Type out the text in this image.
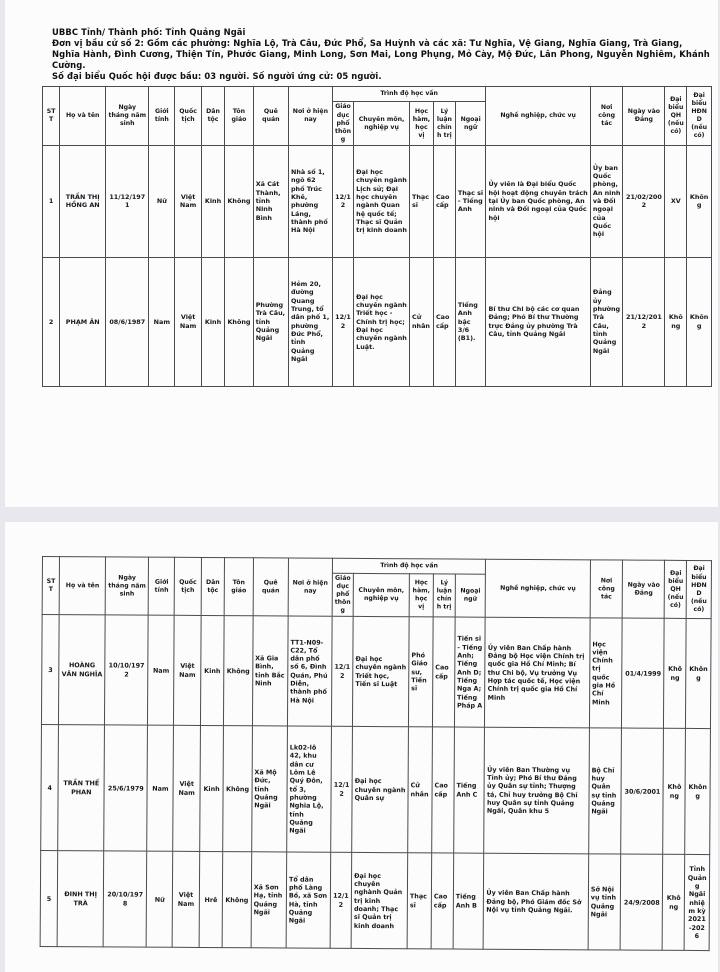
UBBC Tỉnh/ Thành phố: Tỉnh Quảng Ngãi
Đơn vị bầu cử số 2: Gồm các phường: Nghĩa Lộ, Trà Câu, Đức Phổ, Sa Huỳnh và các xã: Tư Nghĩa, Vệ Giang, Nghĩa Giang, Trà Giang, Nghĩa Hành, Đình Cương, Thiện Tín, Phước Giang, Minh Long, Sơn Mai, Long Phụng, Mỏ Cày, Mộ Đức, Lân Phong, Nguyễn Nghiêm, Khánh Cường.
Số đại biểu Quốc hội được bầu: 03 người. Số người ứng cử: 05 người.
STT	Họ và tên	Ngày tháng năm sinh	Giới tính	Quốc tịch	Dân tộc	Tôn giáo	Quê quán	Nơi ở hiện nay	Trình độ học vấn					Nghề nghiệp, chức vụ	Nơi công tác	Ngày vào Đảng	Đại biểu QH (nếu có)	Đại biểu HĐND (nếu có)
									Giáo dục phổ thông	Chuyên môn, nghiệp vụ	Học hàm, học vị	Lý luận chính trị	Ngoại ngữ					
1	TRẦN THỊ HỒNG AN	11/12/1971	Nữ	Việt Nam	Kinh	Không	Xã Cát Thành, tỉnh Ninh Bình	Nhà số 1, ngõ 62 phố Trúc Khê, phường Láng, thành phố Hà Nội	12/12	Đại học chuyên ngành Lịch sử; Đại học chuyên ngành Quan hệ quốc tế; Thạc sĩ Quản trị kinh doanh	Thạc sĩ	Cao cấp	Thạc sĩ - Tiếng Anh	Ủy viên là Đại biểu Quốc hội hoạt động chuyên trách tại Ủy ban Quốc phòng, An ninh và Đối ngoại của Quốc hội	Ủy ban Quốc phòng, An ninh và Đối ngoại của Quốc hội	21/02/2002	XV	Không
2	PHẠM ÂN	08/6/1987	Nam	Việt Nam	Kinh	Không	Phường Trà Câu, tỉnh Quảng Ngãi	Hẻm 20, đường Quang Trung, tổ dân phố 1, phường Đức Phổ, tỉnh Quảng Ngãi	12/12	Đại học chuyên ngành Triết học - Chính trị học; Đại học chuyên ngành Luật.	Cử nhân	Cao cấp	Tiếng Anh bậc 3/6 (B1).	Bí thư Chi bộ các cơ quan Đảng; Phó Bí thư Thường trực Đảng ủy phường Trà Câu, tỉnh Quảng Ngãi	Đảng ủy phường Trà Câu, tỉnh Quảng Ngãi	21/12/2012	Không	Không
STT	Họ và tên	Ngày tháng năm sinh	Giới tính	Quốc tịch	Dân tộc	Tôn giáo	Quê quán	Nơi ở hiện nay	Trình độ học vấn					Nghề nghiệp, chức vụ	Nơi công tác	Ngày vào Đảng	Đại biểu QH (nếu có)	Đại biểu HĐND (nếu có)
									Giáo dục phổ thông	Chuyên môn, nghiệp vụ	Học hàm, học vị	Lý luận chính trị	Ngoại ngữ					
3	HOÀNG VĂN NGHĨA	10/10/1972	Nam	Việt Nam	Kinh	Không	Xã Gia Bình, tỉnh Bắc Ninh	TT1-N09-C22, Tổ dân phố số 6, Đình Quán, Phú Diễn, thành phố Hà Nội	12/12	Đại học chuyên ngành Triết học, Tiến sĩ Luật	Phó Giáo sư, Tiến sĩ	Cao cấp	Tiến sĩ - Tiếng Anh; Tiếng Anh D; Tiếng Nga A; Tiếng Pháp A	Ủy viên Ban Chấp hành Đảng bộ Học viện Chính trị quốc gia Hồ Chí Minh; Bí thư Chi bộ, Vụ trưởng Vụ Hợp tác quốc tế, Học viện Chính trị quốc gia Hồ Chí Minh	Học viện Chính trị quốc gia Hồ Chí Minh	01/4/1999	Không	Không
4	TRẦN THẾ PHAN	25/6/1979	Nam	Việt Nam	Kinh	Không	Xã Mộ Đức, tỉnh Quảng Ngãi	Lk02-lô 42, khu dân cư Lõm Lê Quý Đôn, tổ 3, phường Nghĩa Lộ, tỉnh Quảng Ngãi	12/12	Đại học chuyên ngành Quân sự	Cử nhân	Cao cấp	Tiếng Anh C	Ủy viên Ban Thường vụ Tỉnh ủy; Phó Bí thư Đảng ủy Quân sự tỉnh; Thượng tá, Chỉ huy trưởng Bộ Chỉ huy Quân sự tỉnh Quảng Ngãi, Quân khu 5	Bộ Chỉ huy Quân sự tỉnh Quảng Ngãi	30/6/2001	Không	Không
5	ĐINH THỊ TRÀ	20/10/1978	Nữ	Việt Nam	Hrê	Không	Xã Sơn Hạ, tỉnh Quảng Ngãi	Tổ dân phố Làng Bồ, xã Sơn Hà, tỉnh Quảng Ngãi	12/12	Đại học chuyên nghành Quản trị kinh doanh; Thạc sĩ Quản trị kinh doanh	Thạc sĩ	Cao cấp	Tiếng Anh B	Ủy viên Ban Chấp hành Đảng bộ, Phó Giám đốc Sở Nội vụ tỉnh Quảng Ngãi.	Sở Nội vụ tỉnh Quảng Ngãi	24/9/2008	Không	Tỉnh Quảng Ngãi nhiệm kỳ 2021-2026
